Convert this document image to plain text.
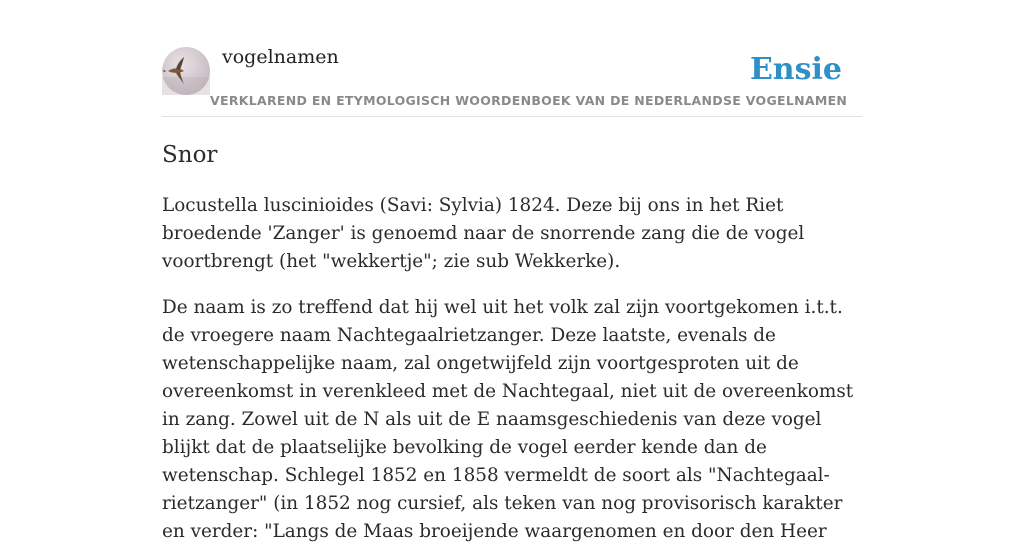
vogelnamen
VERKLAREND EN ETYMOLOGISCH WOORDENBOEK VAN DE NEDERLANDSE VOGELNAMEN
Ensie
Snor

Locustella luscinioides (Savi: Sylvia) 1824. Deze bij ons in het Riet broedende 'Zanger' is genoemd naar de snorrende zang die de vogel voortbrengt (het "wekkertje"; zie sub Wekkerke).

De naam is zo treffend dat hij wel uit het volk zal zijn voortgekomen i.t.t. de vroegere naam Nachtegaalrietzanger. Deze laatste, evenals de wetenschappelijke naam, zal ongetwijfeld zijn voortgesproten uit de overeenkomst in verenkleed met de Nachtegaal, niet uit de overeenkomst in zang. Zowel uit de N als uit de E naamsgeschiedenis van deze vogel blijkt dat de plaatselijke bevolking de vogel eerder kende dan de wetenschap. Schlegel 1852 en 1858 vermeldt de soort als "Nachtegaal-rietzanger" (in 1852 nog cursief, als teken van nog provisorisch karakter en verder: "Langs de Maas broeijende waargenomen en door den Heer
